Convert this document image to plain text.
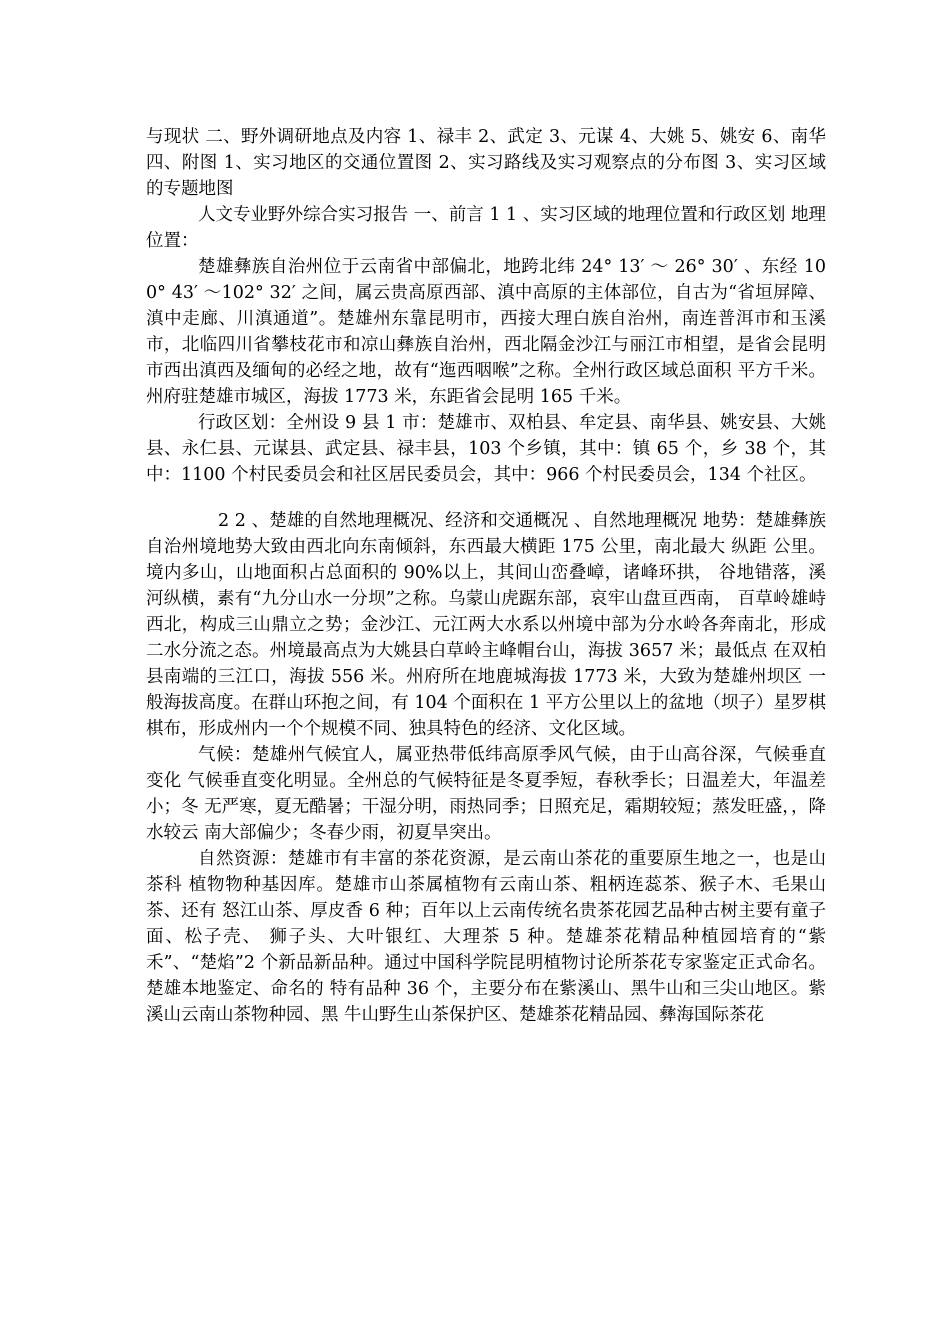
与现状 二、野外调研地点及内容 1、禄丰 2、武定 3、元谋 4、大姚 5、姚安 6、南华 四、附图 1、实习地区的交通位置图 2、实习路线及实习观察点的分布图 3、实习区域的专题地图

人文专业野外综合实习报告 一、前言 1 1 、实习区域的地理位置和行政区划 地理位置：

楚雄彝族自治州位于云南省中部偏北，地跨北纬 24° 13′ ～ 26° 30′ 、东经 100° 43′ ～102° 32′ 之间，属云贵高原西部、滇中高原的主体部位，自古为“省垣屏障、滇中走廊、川滇通道”。楚雄州东靠昆明市，西接大理白族自治州，南连普洱市和玉溪市，北临四川省攀枝花市和凉山彝族自治州，西北隔金沙江与丽江市相望，是省会昆明市西出滇西及缅甸的必经之地，故有“迤西咽喉”之称。全州行政区域总面积 平方千米。州府驻楚雄市城区，海拔 1773 米，东距省会昆明 165 千米。

行政区划：全州设 9 县 1 市：楚雄市、双柏县、牟定县、南华县、姚安县、大姚县、永仁县、元谋县、武定县、禄丰县，103 个乡镇，其中：镇 65 个，乡 38 个，其中：1100 个村民委员会和社区居民委员会，其中：966 个村民委员会，134 个社区。

2 2 、楚雄的自然地理概况、经济和交通概况 、自然地理概况 地势：楚雄彝族自治州境地势大致由西北向东南倾斜，东西最大横距 175 公里，南北最大 纵距 公里。境内多山，山地面积占总面积的 90%以上，其间山峦叠嶂，诸峰环拱， 谷地错落，溪河纵横，素有“九分山水一分坝”之称。乌蒙山虎踞东部，哀牢山盘亘西南， 百草岭雄峙西北，构成三山鼎立之势；金沙江、元江两大水系以州境中部为分水岭各奔南北，形成二水分流之态。州境最高点为大姚县白草岭主峰帽台山，海拔 3657 米；最低点 在双柏县南端的三江口，海拔 556 米。州府所在地鹿城海拔 1773 米，大致为楚雄州坝区 一般海拔高度。在群山环抱之间，有 104 个面积在 1 平方公里以上的盆地（坝子）星罗棋 棋布，形成州内一个个规模不同、独具特色的经济、文化区域。

气候：楚雄州气候宜人，属亚热带低纬高原季风气候，由于山高谷深，气候垂直变化 气候垂直变化明显。全州总的气候特征是冬夏季短，春秋季长；日温差大，年温差小；冬 无严寒，夏无酷暑；干湿分明，雨热同季；日照充足，霜期较短；蒸发旺盛，，降水较云 南大部偏少；冬春少雨，初夏旱突出。

自然资源：楚雄市有丰富的茶花资源，是云南山茶花的重要原生地之一，也是山茶科 植物物种基因库。楚雄市山茶属植物有云南山茶、粗柄连蕊茶、猴子木、毛果山茶、还有 怒江山茶、厚皮香 6 种；百年以上云南传统名贵茶花园艺品种古树主要有童子面、松子壳、 狮子头、大叶银红、大理茶 5 种。楚雄茶花精品种植园培育的“紫禾”、“楚焰”2 个新品新品种。通过中国科学院昆明植物讨论所茶花专家鉴定正式命名。楚雄本地鉴定、命名的 特有品种 36 个，主要分布在紫溪山、黑牛山和三尖山地区。紫溪山云南山茶物种园、黑 牛山野生山茶保护区、楚雄茶花精品园、彝海国际茶花
